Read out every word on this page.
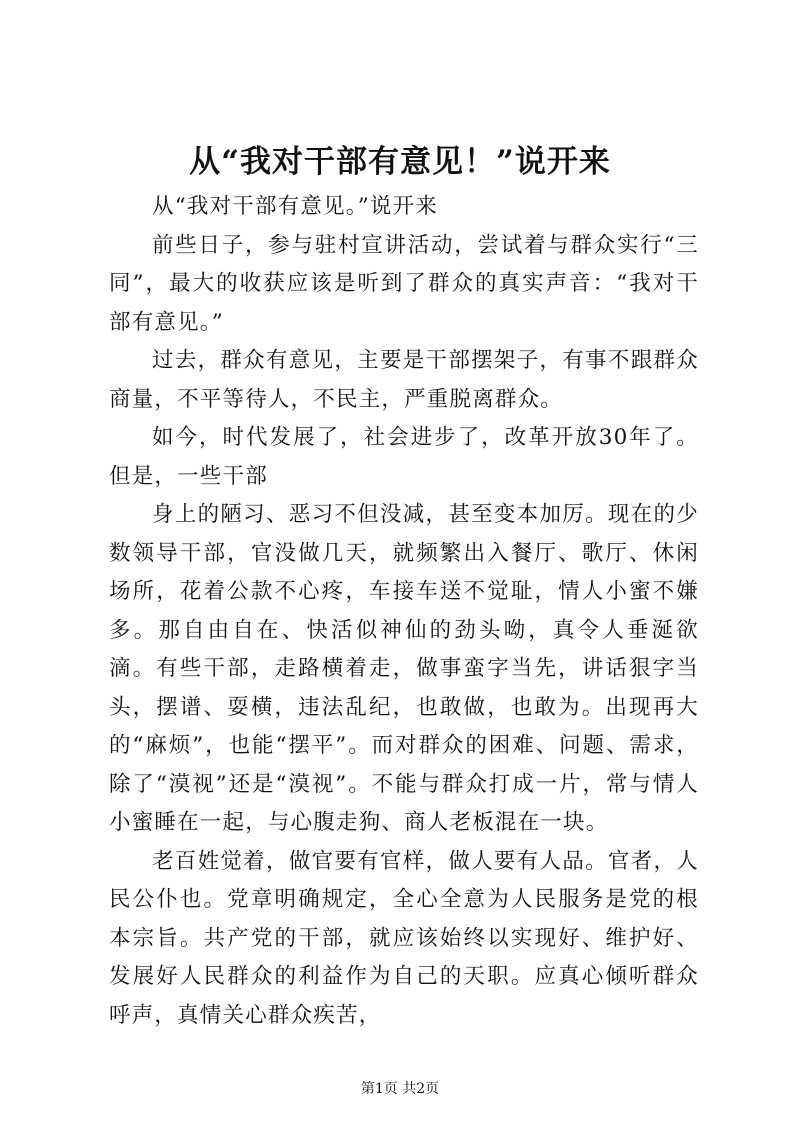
从“我对干部有意见！”说开来

从“我对干部有意见。”说开来

前些日子，参与驻村宣讲活动，尝试着与群众实行“三同”，最大的收获应该是听到了群众的真实声音：“我对干部有意见。”

过去，群众有意见，主要是干部摆架子，有事不跟群众商量，不平等待人，不民主，严重脱离群众。

如今，时代发展了，社会进步了，改革开放30年了。但是，一些干部

身上的陋习、恶习不但没减，甚至变本加厉。现在的少数领导干部，官没做几天，就频繁出入餐厅、歌厅、休闲场所，花着公款不心疼，车接车送不觉耻，情人小蜜不嫌多。那自由自在、快活似神仙的劲头呦，真令人垂涎欲滴。有些干部，走路横着走，做事蛮字当先，讲话狠字当头，摆谱、耍横，违法乱纪，也敢做，也敢为。出现再大的“麻烦”，也能“摆平”。而对群众的困难、问题、需求，除了“漠视”还是“漠视”。不能与群众打成一片，常与情人小蜜睡在一起，与心腹走狗、商人老板混在一块。

老百姓觉着，做官要有官样，做人要有人品。官者，人民公仆也。党章明确规定，全心全意为人民服务是党的根本宗旨。共产党的干部，就应该始终以实现好、维护好、发展好人民群众的利益作为自己的天职。应真心倾听群众呼声，真情关心群众疾苦，

第1页 共2页
